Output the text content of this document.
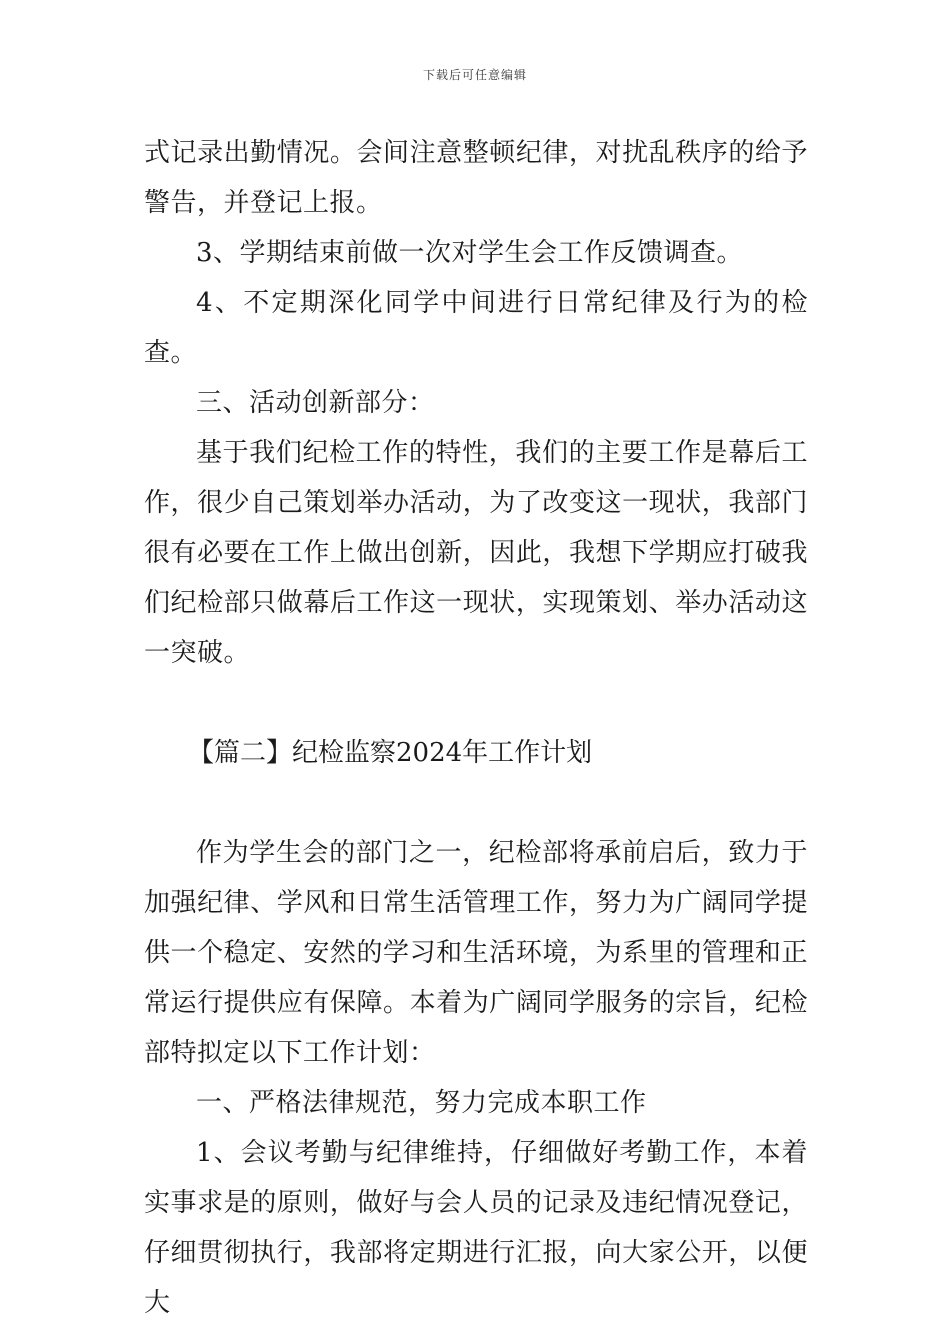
下载后可任意编辑

式记录出勤情况。会间注意整顿纪律，对扰乱秩序的给予警告，并登记上报。

3、学期结束前做一次对学生会工作反馈调查。

4、不定期深化同学中间进行日常纪律及行为的检查。

三、活动创新部分：

基于我们纪检工作的特性，我们的主要工作是幕后工作，很少自己策划举办活动，为了改变这一现状，我部门很有必要在工作上做出创新，因此，我想下学期应打破我们纪检部只做幕后工作这一现状，实现策划、举办活动这一突破。

【篇二】纪检监察2024年工作计划

作为学生会的部门之一，纪检部将承前启后，致力于加强纪律、学风和日常生活管理工作，努力为广阔同学提供一个稳定、安然的学习和生活环境，为系里的管理和正常运行提供应有保障。本着为广阔同学服务的宗旨，纪检部特拟定以下工作计划：

一、严格法律规范，努力完成本职工作

1、会议考勤与纪律维持，仔细做好考勤工作，本着实事求是的原则，做好与会人员的记录及违纪情况登记，仔细贯彻执行，我部将定期进行汇报，向大家公开，以便大
